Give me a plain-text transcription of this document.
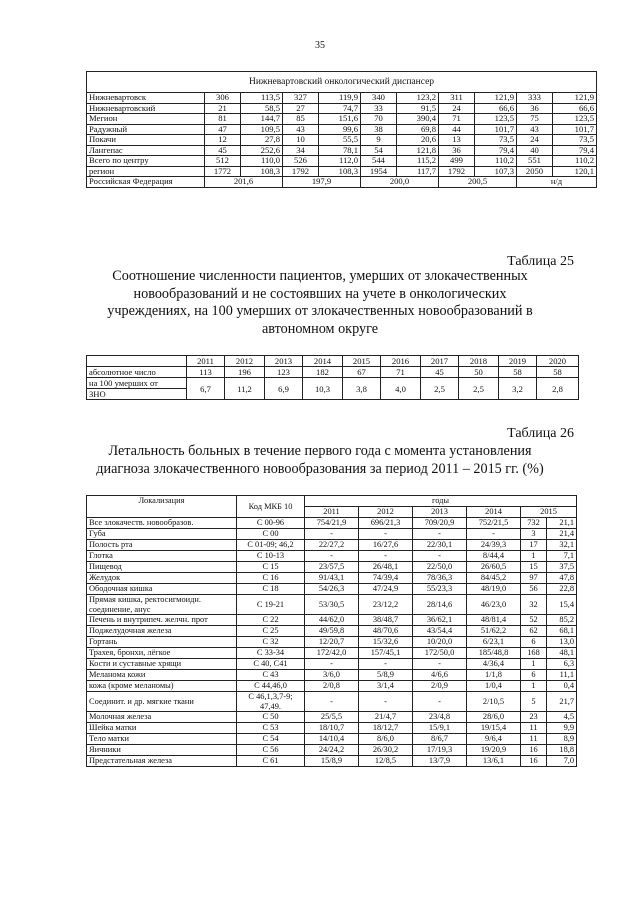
35
Нижневартовский онкологический диспансер										
Нижневартовск	306	113,5	327	119,9	340	123,2	311	121,9	333	121,9
Нижневартовский	21	58,5	27	74,7	33	91,5	24	66,6	36	66,6
Мегион	81	144,7	85	151,6	70	390,4	71	123,5	75	123,5
Радужный	47	109,5	43	99,6	38	69,8	44	101,7	43	101,7
Покачи	12	27,8	10	55,5	9	20,6	13	73,5	24	73,5
Лангепас	45	252,6	34	78,1	54	121,8	36	79,4	40	79,4
Всего по центру	512	110,0	526	112,0	544	115,2	499	110,2	551	110,2
регион	1772	108,3	1792	108,3	1954	117,7	1792	107,3	2050	120,1
Российская Федерация	201,6		197,9		200,0		200,5		н/д	
Таблица 25
Соотношение численности пациентов, умерших от злокачественных
новообразований и не состоявших на учете в онкологических
учреждениях, на 100 умерших от злокачественных новообразований в
автономном округе
	2011	2012	2013	2014	2015	2016	2017	2018	2019	2020
абсолютное число	113	196	123	182	67	71	45	50	58	58
на 100 умерших от	6,7	11,2	6,9	10,3	3,8	4,0	2,5	2,5	3,2	2,8
ЗНО										
Таблица 26
Летальность больных в течение первого года с момента установления
диагноза злокачественного новообразования за период 2011 – 2015 гг. (%)
Локализация	Код МКБ 10	годы					
		2011	2012	2013	2014	2015	
Все злокачеств. новообразов.	С 00-96	754/21,9	696/21,3	709/20,9	752/21,5	732	21,1
Губа	С 00	-	-	-	-	3	21,4
Полость рта	С 01-09; 46,2	22/27,2	16/27,6	22/30,1	24/39,3	17	32,1
Глотка	С 10-13	-	-	-	8/44,4	1	7,1
Пищевод	С 15	23/57,5	26/48,1	22/50,0	26/60,5	15	37,5
Желудок	С 16	91/43,1	74/39,4	78/36,3	84/45,2	97	47,8
Ободочная кишка	С 18	54/26,3	47/24,9	55/23,3	48/19,0	56	22,8
Прямая кишка, ректосигмоидн. соединение, анус	С 19-21	53/30,5	23/12,2	28/14,6	46/23,0	32	15,4
Печень и внутрипеч. желчн. прот	С 22	44/62,0	38/48,7	36/62,1	48/81,4	52	85,2
Поджелудочная железа	С 25	49/59,8	48/70,6	43/54,4	51/62,2	62	68,1
Гортань	С 32	12/20,7	15/32,6	10/20,0	6/23,1	6	13,0
Трахея, бронхи, лёгкое	С 33-34	172/42,0	157/45,1	172/50,0	185/48,8	168	48,1
Кости и суставные хрящи	С 40, С41	-	-	-	4/36,4	1	6,3
Меланома кожи	С 43	3/6,0	5/8,9	4/6,6	1/1,8	6	11,1
кожа (кроме меланомы)	С 44,46,0	2/0,8	3/1,4	2/0,9	1/0,4	1	0,4
Соединит. и др. мягкие ткани	С 46,1,3,7-9; 47,49.	-	-	-	2/10,5	5	21,7
Молочная железа	С 50	25/5,5	21/4,7	23/4,8	28/6,0	23	4,5
Шейка матки	С 53	18/10,7	18/12,7	15/9,1	19/15,4	11	9,9
Тело матки	С 54	14/10,4	8/6,0	8/6,7	9/6,4	11	8,9
Яичники	С 56	24/24,2	26/30,2	17/19,3	19/20,9	16	18,8
Предстательная железа	С 61	15/8,9	12/8,5	13/7,9	13/6,1	16	7,0
